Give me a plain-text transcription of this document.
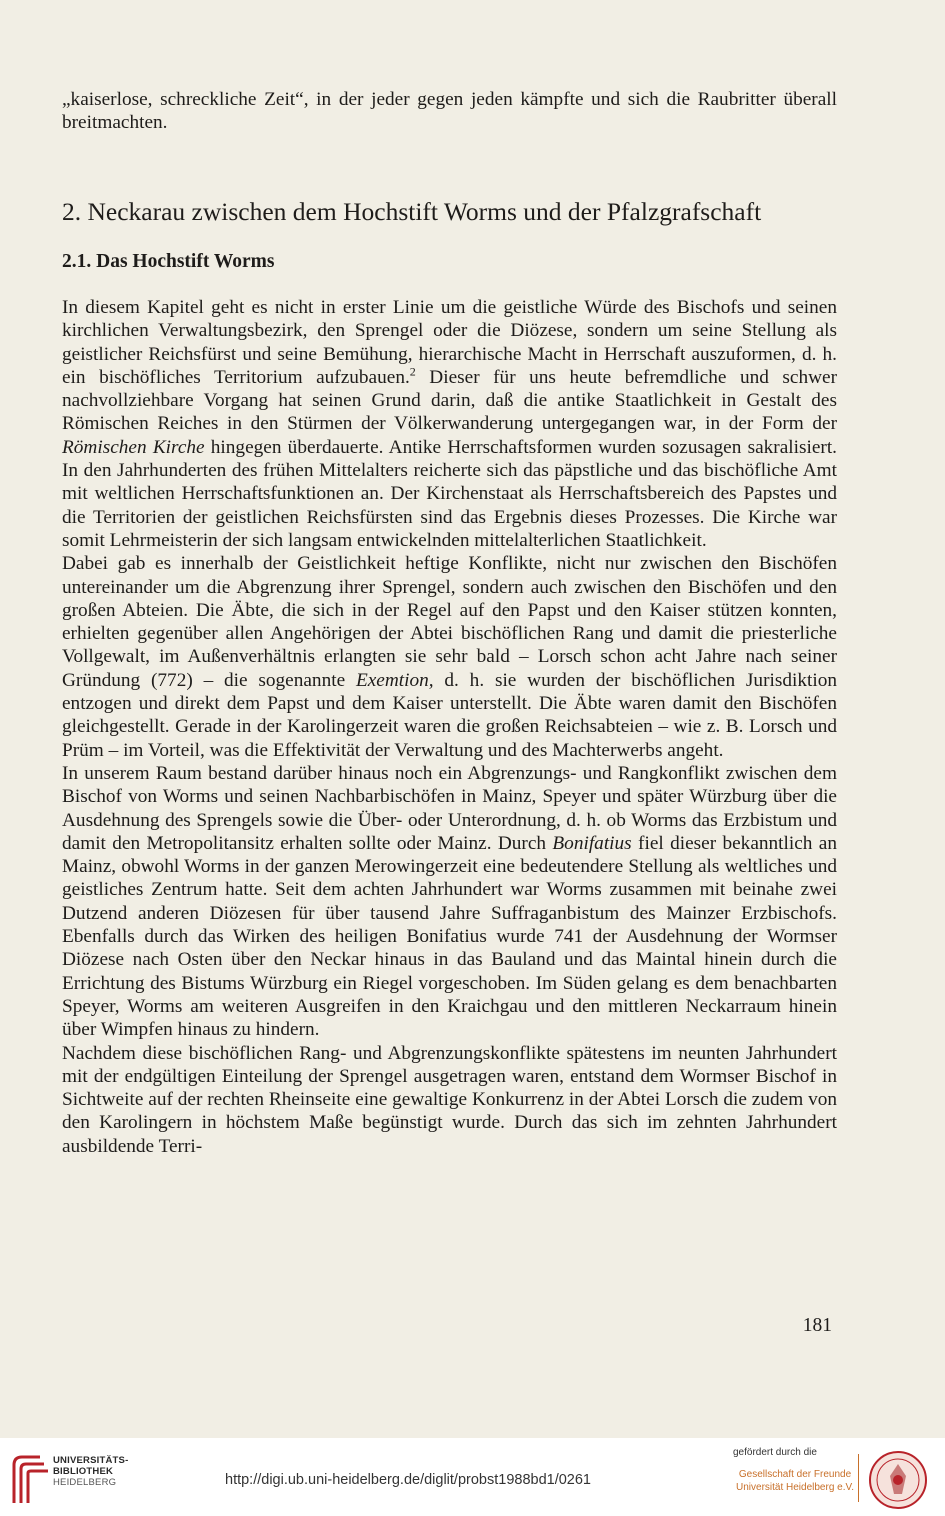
„kaiserlose, schreckliche Zeit“, in der jeder gegen jeden kämpfte und sich die Raubritter überall breitmachten.

2. Neckarau zwischen dem Hochstift Worms und der Pfalzgrafschaft
2.1. Das Hochstift Worms

In diesem Kapitel geht es nicht in erster Linie um die geistliche Würde des Bischofs und seinen kirchlichen Verwaltungsbezirk, den Sprengel oder die Diözese, sondern um seine Stellung als geistlicher Reichsfürst und seine Bemühung, hierarchische Macht in Herrschaft auszuformen, d. h. ein bischöfliches Territorium aufzubauen.$^2$ Dieser für uns heute befremdliche und schwer nachvollziehbare Vorgang hat seinen Grund darin, daß die antike Staatlichkeit in Gestalt des Römischen Reiches in den Stürmen der Völkerwanderung untergegangen war, in der Form der Römischen Kirche hingegen überdauerte. Antike Herrschaftsformen wurden sozusagen sakralisiert. In den Jahrhunderten des frühen Mittelalters reicherte sich das päpstliche und das bischöfliche Amt mit weltlichen Herrschaftsfunktionen an. Der Kirchenstaat als Herrschaftsbereich des Papstes und die Territorien der geistlichen Reichsfürsten sind das Ergebnis dieses Prozesses. Die Kirche war somit Lehrmeisterin der sich langsam entwickelnden mittelalterlichen Staatlichkeit.

Dabei gab es innerhalb der Geistlichkeit heftige Konflikte, nicht nur zwischen den Bischöfen untereinander um die Abgrenzung ihrer Sprengel, sondern auch zwischen den Bischöfen und den großen Abteien. Die Äbte, die sich in der Regel auf den Papst und den Kaiser stützen konnten, erhielten gegenüber allen Angehörigen der Abtei bischöflichen Rang und damit die priesterliche Vollgewalt, im Außenverhältnis erlangten sie sehr bald – Lorsch schon acht Jahre nach seiner Gründung (772) – die sogenannte Exemtion, d. h. sie wurden der bischöflichen Jurisdiktion entzogen und direkt dem Papst und dem Kaiser unterstellt. Die Äbte waren damit den Bischöfen gleichgestellt. Gerade in der Karolingerzeit waren die großen Reichsabteien – wie z. B. Lorsch und Prüm – im Vorteil, was die Effektivität der Verwaltung und des Machterwerbs angeht.

In unserem Raum bestand darüber hinaus noch ein Abgrenzungs- und Rangkonflikt zwischen dem Bischof von Worms und seinen Nachbarbischöfen in Mainz, Speyer und später Würzburg über die Ausdehnung des Sprengels sowie die Über- oder Unterordnung, d. h. ob Worms das Erzbistum und damit den Metropolitansitz erhalten sollte oder Mainz. Durch Bonifatius fiel dieser bekanntlich an Mainz, obwohl Worms in der ganzen Merowingerzeit eine bedeutendere Stellung als weltliches und geistliches Zentrum hatte. Seit dem achten Jahrhundert war Worms zusammen mit beinahe zwei Dutzend anderen Diözesen für über tausend Jahre Suffraganbistum des Mainzer Erzbischofs. Ebenfalls durch das Wirken des heiligen Bonifatius wurde 741 der Ausdehnung der Wormser Diözese nach Osten über den Neckar hinaus in das Bauland und das Maintal hinein durch die Errichtung des Bistums Würzburg ein Riegel vorgeschoben. Im Süden gelang es dem benachbarten Speyer, Worms am weiteren Ausgreifen in den Kraichgau und den mittleren Neckarraum hinein über Wimpfen hinaus zu hindern.

Nachdem diese bischöflichen Rang- und Abgrenzungskonflikte spätestens im neunten Jahrhundert mit der endgültigen Einteilung der Sprengel ausgetragen waren, entstand dem Wormser Bischof in Sichtweite auf der rechten Rheinseite eine gewaltige Konkurrenz in der Abtei Lorsch die zudem von den Karolingern in höchstem Maße begünstigt wurde. Durch das sich im zehnten Jahrhundert ausbildende Terri-

181
UNIVERSITÄTS-
BIBLIOTHEK
HEIDELBERG	http://digi.ub.uni-heidelberg.de/diglit/probst1988bd1/0261
gefördert durch die
Gesellschaft der Freunde
Universität Heidelberg e.V.
